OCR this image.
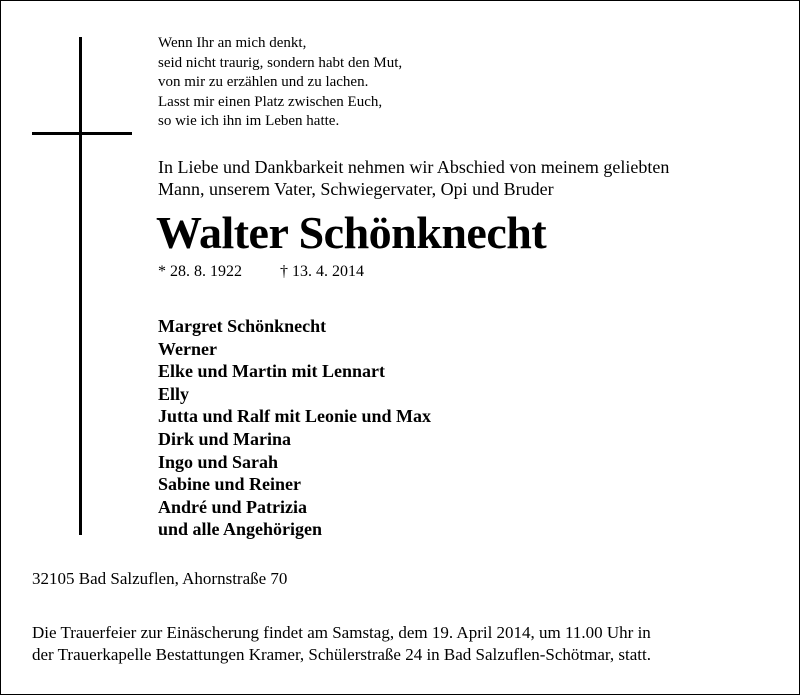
Wenn Ihr an mich denkt,
seid nicht traurig, sondern habt den Mut,
von mir zu erzählen und zu lachen.
Lasst mir einen Platz zwischen Euch,
so wie ich ihn im Leben hatte.
In Liebe und Dankbarkeit nehmen wir Abschied von meinem geliebten
Mann, unserem Vater, Schwiegervater, Opi und Bruder
Walter Schönknecht
* 28. 8. 1922 † 13. 4. 2014
Margret Schönknecht
Werner
Elke und Martin mit Lennart
Elly
Jutta und Ralf mit Leonie und Max
Dirk und Marina
Ingo und Sarah
Sabine und Reiner
André und Patrizia
und alle Angehörigen
32105 Bad Salzuflen, Ahornstraße 70
Die Trauerfeier zur Einäscherung findet am Samstag, dem 19. April 2014, um 11.00 Uhr in
der Trauerkapelle Bestattungen Kramer, Schülerstraße 24 in Bad Salzuflen-Schötmar, statt.
